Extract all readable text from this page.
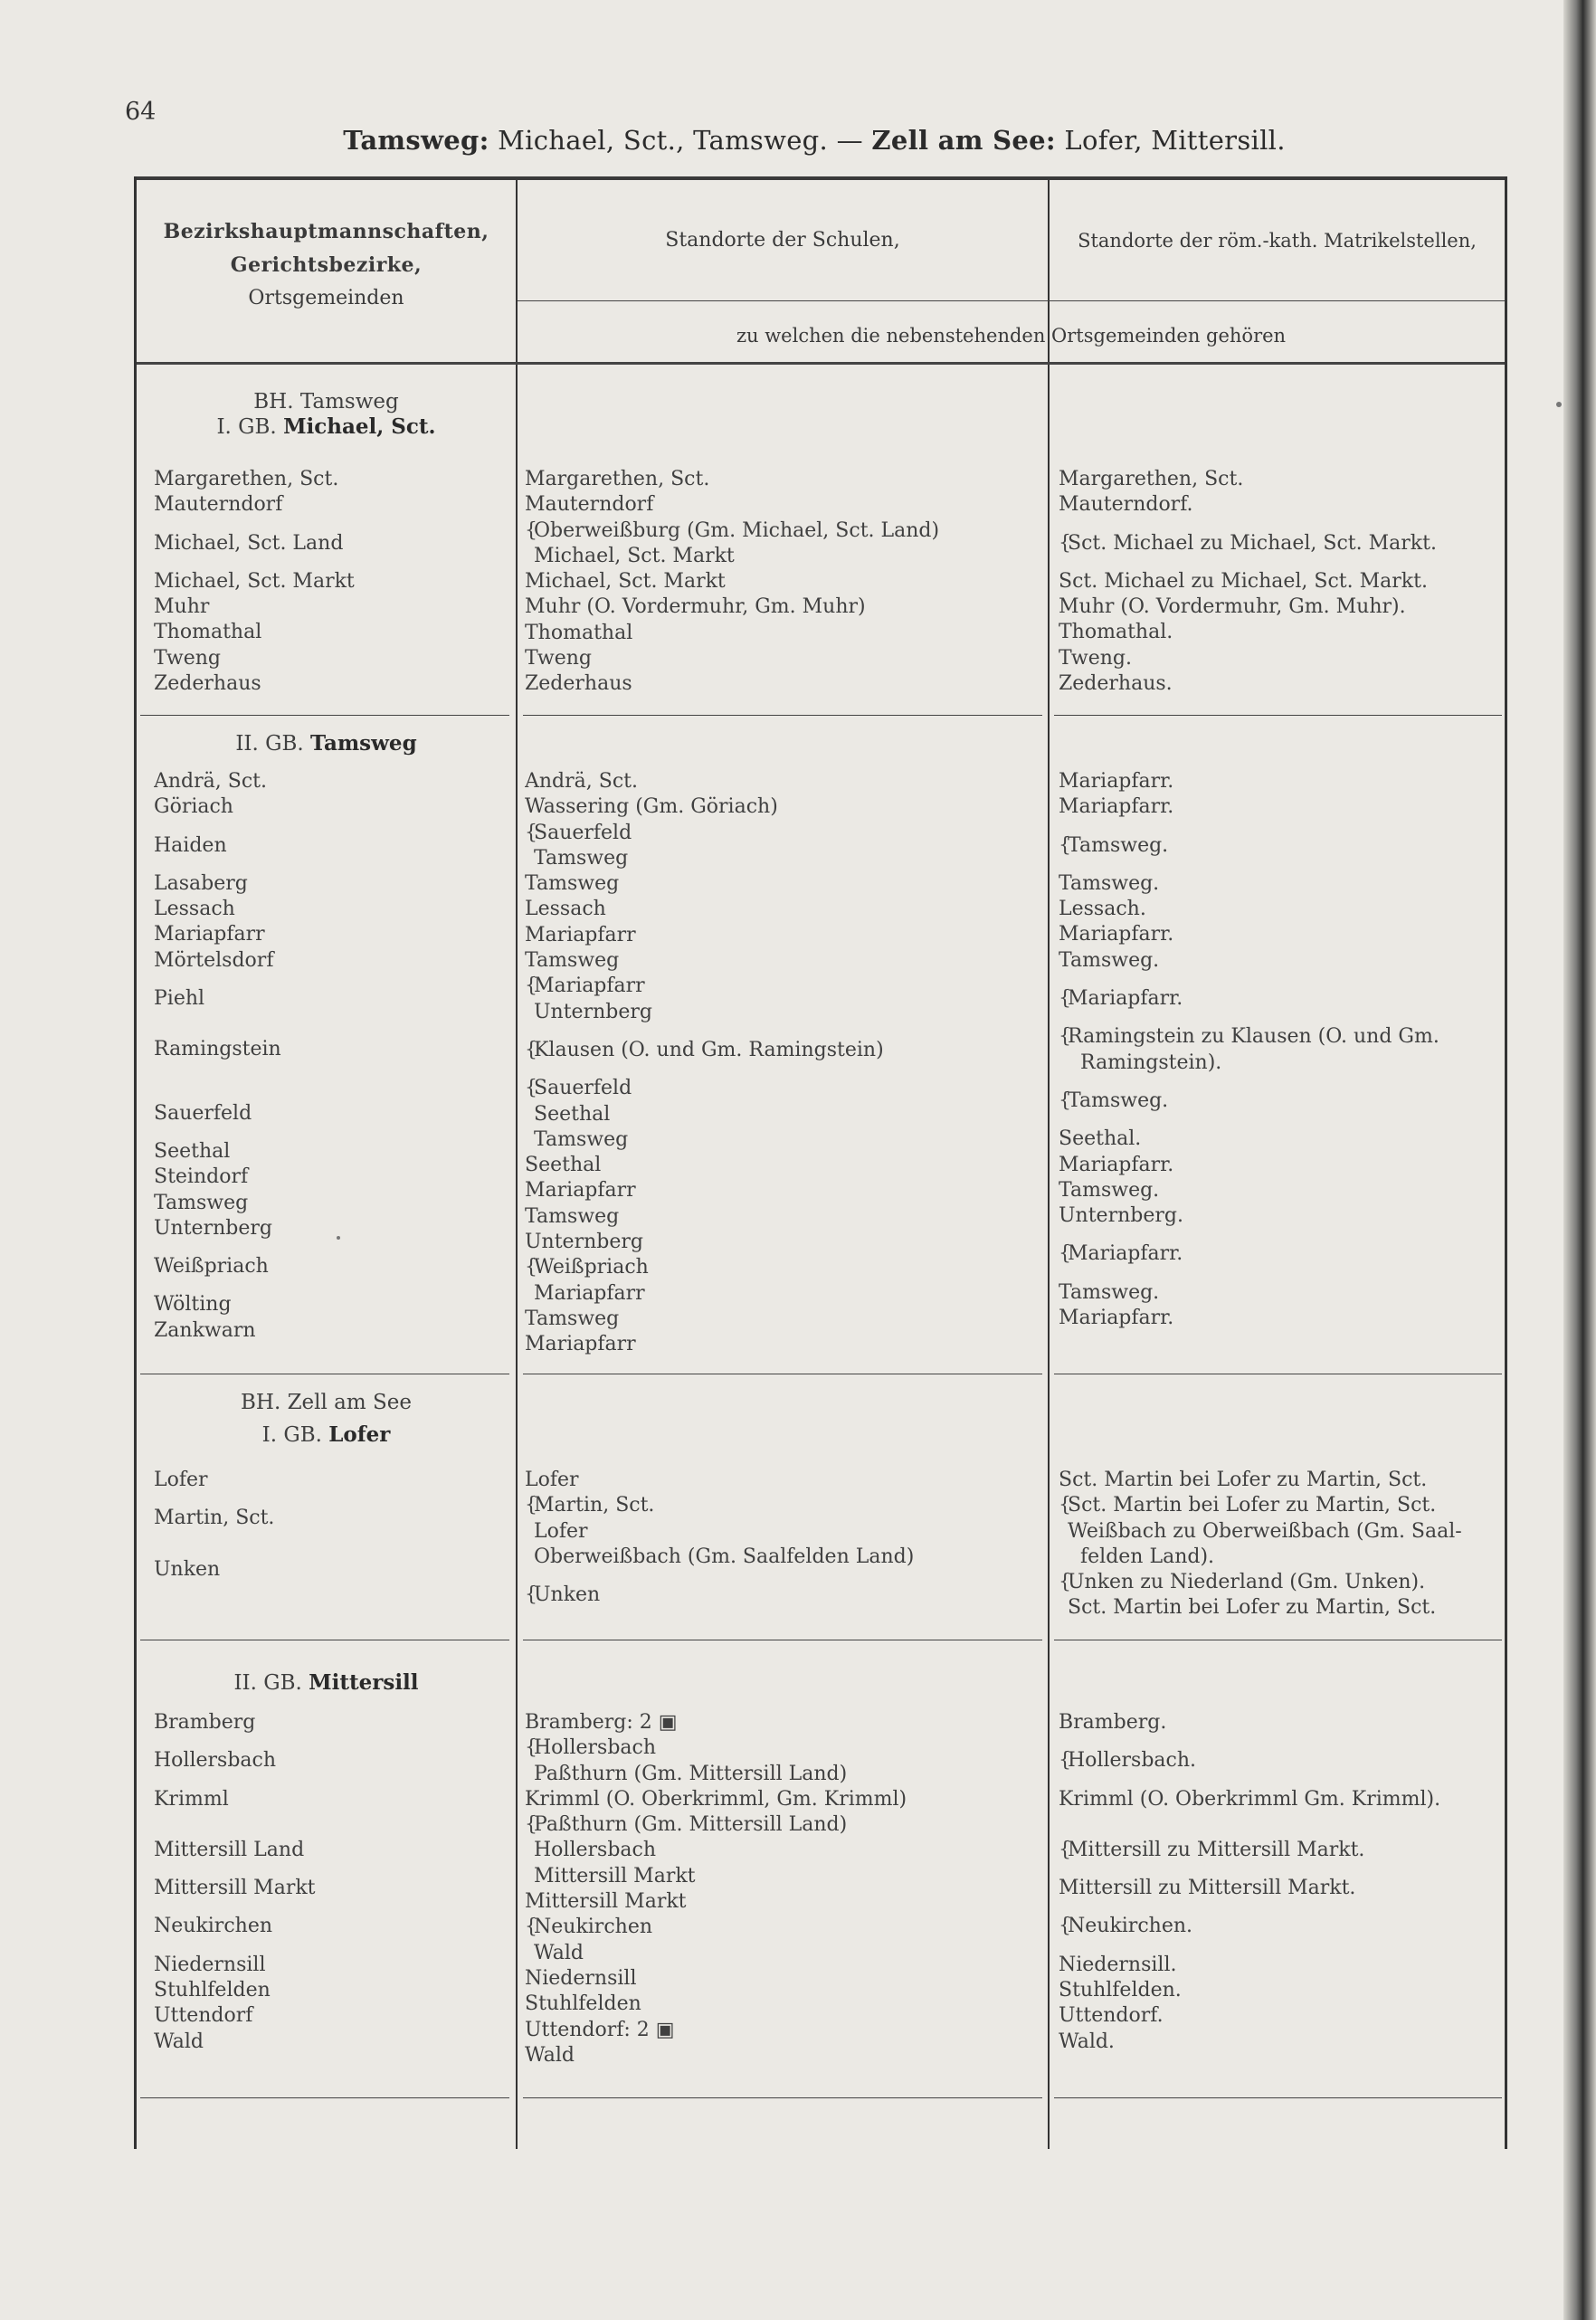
64
Tamsweg: Michael, Sct., Tamsweg. — Zell am See: Lofer, Mittersill.
Bezirkshauptmannschaften,
Gerichtsbezirke,
Ortsgemeinden
Standorte der Schulen,	Standorte der röm.-kath. Matrikelstellen,
zu welchen die nebenstehenden Ortsgemeinden gehören
BH. Tamsweg
I. GB. Michael, Sct.
Margarethen, Sct.
Mauterndorf
Michael, Sct. Land
Michael, Sct. Markt
Muhr
Thomathal
Tweng
Zederhaus
Margarethen, Sct.
Mauterndorf
{Oberweißburg (Gm. Michael, Sct. Land)
Michael, Sct. Markt
Michael, Sct. Markt
Muhr (O. Vordermuhr, Gm. Muhr)
Thomathal
Tweng
Zederhaus
Margarethen, Sct.
Mauterndorf.
{Sct. Michael zu Michael, Sct. Markt.
Sct. Michael zu Michael, Sct. Markt.
Muhr (O. Vordermuhr, Gm. Muhr).
Thomathal.
Tweng.
Zederhaus.
II. GB. Tamsweg
Andrä, Sct.
Göriach
Haiden
Lasaberg
Lessach
Mariapfarr
Mörtelsdorf
Piehl
Ramingstein
Sauerfeld
Seethal
Steindorf
Tamsweg
Unternberg
Weißpriach
Wölting
Zankwarn
Andrä, Sct.
Wassering (Gm. Göriach)
{Sauerfeld
Tamsweg
Tamsweg
Lessach
Mariapfarr
Tamsweg
{Mariapfarr
Unternberg
{Klausen (O. und Gm. Ramingstein)
{Sauerfeld
Seethal
Tamsweg
Seethal
Mariapfarr
Tamsweg
Unternberg
{Weißpriach
Mariapfarr
Tamsweg
Mariapfarr
Mariapfarr.
Mariapfarr.
{Tamsweg.
Tamsweg.
Lessach.
Mariapfarr.
Tamsweg.
{Mariapfarr.
{Ramingstein zu Klausen (O. und Gm.
Ramingstein).
{Tamsweg.
Seethal.
Mariapfarr.
Tamsweg.
Unternberg.
{Mariapfarr.
Tamsweg.
Mariapfarr.
BH. Zell am See
I. GB. Lofer
Lofer
Martin, Sct.
Unken
Lofer
{Martin, Sct.
Lofer
Oberweißbach (Gm. Saalfelden Land)
{Unken
Sct. Martin bei Lofer zu Martin, Sct.
{Sct. Martin bei Lofer zu Martin, Sct.
Weißbach zu Oberweißbach (Gm. Saal-
felden Land).
{Unken zu Niederland (Gm. Unken).
Sct. Martin bei Lofer zu Martin, Sct.
II. GB. Mittersill
Bramberg
Hollersbach
Krimml
Mittersill Land
Mittersill Markt
Neukirchen
Niedernsill
Stuhlfelden
Uttendorf
Wald
Bramberg: 2 ▣
{Hollersbach
Paßthurn (Gm. Mittersill Land)
Krimml (O. Oberkrimml, Gm. Krimml)
{Paßthurn (Gm. Mittersill Land)
Hollersbach
Mittersill Markt
Mittersill Markt
{Neukirchen
Wald
Niedernsill
Stuhlfelden
Uttendorf: 2 ▣
Wald
Bramberg.
{Hollersbach.
Krimml (O. Oberkrimml Gm. Krimml).
{Mittersill zu Mittersill Markt.
Mittersill zu Mittersill Markt.
{Neukirchen.
Niedernsill.
Stuhlfelden.
Uttendorf.
Wald.
